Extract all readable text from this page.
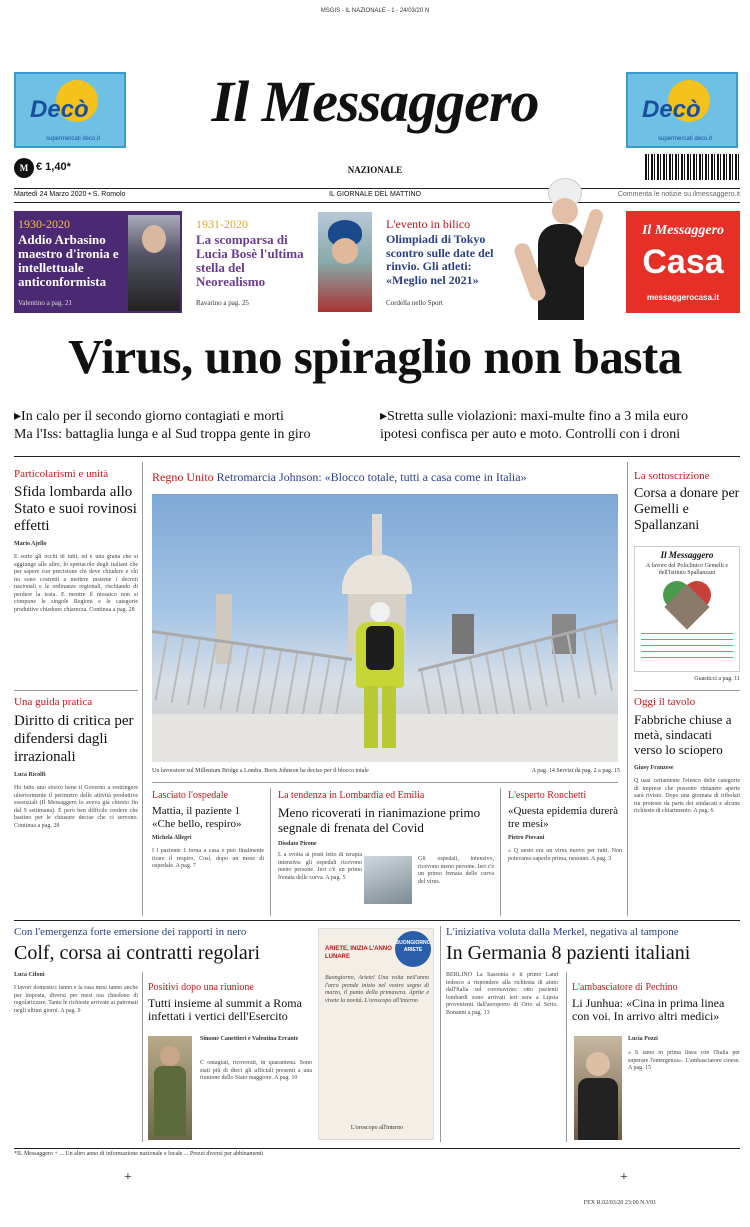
MSGIS - IL NAZIONALE - 1 - 24/03/20 N
Decò
supermercati deco.it
Decò
supermercati deco.it
Il Messaggero
NAZIONALE
M € 1,40*
Martedì 24 Marzo 2020 • S. Romolo	IL GIORNALE DEL MATTINO	Commenta le notizie su ilmessaggero.it
1930-2020
Addio Arbasino maestro d'ironia e intellettuale anticonformista
Valentino a pag. 21
1931-2020
La scomparsa di Lucia Bosè l'ultima stella del Neorealismo
Ravarino a pag. 25
L'evento in bilico
Olimpiadi di Tokyo scontro sulle date del rinvio. Gli atleti: «Meglio nel 2021»
Cordella nello Sport
Il Messaggero
Casa
messaggerocasa.it
Virus, uno spiraglio non basta
▸In calo per il secondo giorno contagiati e morti
Ma l'Iss: battaglia lunga e al Sud troppa gente in giro
▸Stretta sulle violazioni: maxi-multe fino a 3 mila euro
ipotesi confisca per auto e moto. Controlli con i droni
Particolarismi e unità
Sfida lombarda allo Stato e suoi rovinosi effetti
Mario Ajello
È sorto gli occhi di tutti, ed è una grana che si aggiunge alle altre, lo spettacolo degli italiani che per sapere con precisione chi deve chiudere e chi no sono costretti a mettere insieme i decreti nazionali e le ordinanze regionali, rischiando di perdere la testa. E mentre il mosaico non si compone le singole Regioni e le categorie produttive chiedono chiarezza. Continua a pag. 28
Una guida pratica
Diritto di critica per difendersi dagli irrazionali
Luca Ricolfi
Ho fatto uno sforzo bene il Governo a restringere ulteriormente il perimetro delle attività produttive essenziali (Il Messaggero lo aveva già chiesto fin dal 9 settimana). È però ben difficile credere che bastino per le chiusure decise che ci servono. Continua a pag. 28
Regno Unito Retromarcia Johnson: «Blocco totale, tutti a casa come in Italia»
Un lavoratore sul Millenium Bridge a Londra. Boris Johnson ha deciso per il blocco totale	A pag. 14 Servizi da pag. 2 a pag. 15
La sottoscrizione
Corsa a donare per Gemelli e Spallanzani
Il Messaggero
A favore del Policlinico Gemelli e dell'Istituto Spallanzani
Guasticci a pag. 11
Oggi il tavolo
Fabbriche chiuse a metà, sindacati verso lo sciopero
Giusy Franzese
Q uasi certamente l'elenco delle categorie di imprese che possono rimanere aperte sarà rivisto. Dopo una giornata di tribolati tra proteste da parte dei sindacati e alcune richieste di chiarimento. A pag. 6
Lasciato l'ospedale
Mattia, il paziente 1 «Che bello, respiro»
Michela Allegri
I l paziente 1 torna a casa e può finalmente tirare il respiro. Così, dopo un mese di ospedale. A pag. 7
La tendenza in Lombardia ed Emilia
Meno ricoverati in rianimazione primo segnale di frenata del Covid
Diodato Pirone
L a svolta ai posti letto di terapia intensiva: gli ospedali ricevono meno persone. Ieri c'è un primo frenata delle curva. A pag. 5
Gli ospedali, intensivo, ricevono meno persone. Ieri c'è un primo frenata delle curva del virus.
L'esperto Ronchetti
«Questa epidemia durerà tre mesi»
Pietro Piovani
« Q uesto era un virus nuovo per tutti. Non potevamo saperlo prima, nessuno. A pag. 3
Con l'emergenza forte emersione dei rapporti in nero
Colf, corsa ai contratti regolari
Luca Cifoni
I lavori domestici fanno e la rasa mesi fanno anche per imposta, diversi per mesi ora chiedono di regolarizzare. Tante le richieste arrivate ai patronati negli ultimi giorni. A pag. 9
Positivi dopo una riunione
Tutti insieme al summit a Roma infettati i vertici dell'Esercito
Simone Canettieri e Valentina Errante
C ontagiati, ricoverati, in quarantena. Sono stati più di dieci gli ufficiali presenti a una riunione dello Stato maggiore. A pag. 10
ARIETE, INIZIA L'ANNO LUNARE
BUONGIORNO ARIETE
Buongiorno, Ariete! Una volta nell'anno l'arco prende inizio nel vostro segno di marzo, il punto della primavera. Aprite e vivete la novità. L'oroscopo all'interno
L'oroscopo all'interno
L'iniziativa voluta dalla Merkel, negativa al tampone
In Germania 8 pazienti italiani
BERLINO La Sassonia è il primo Land tedesco a rispondere alla richiesta di aiuto dall'Italia sul coronavirus: otto pazienti lombardi sono arrivati ieri sera a Lipsia provenienti dall'aeroporto di Orio al Serio. Bonanni a pag. 13
L'ambasciatore di Pechino
Li Junhua: «Cina in prima linea con voi. In arrivo altri medici»
Lucia Pozzi
« S iamo in prima linea con l'Italia per superare l'emergenza». L'ambasciatore cinese. A pag. 15
*IL Messaggero + ... Un altro anno di informazione nazionale e locale ... Prezzi diversi per abbinamenti
+	+
FEX R.02/03/20 23:00 N.V01
